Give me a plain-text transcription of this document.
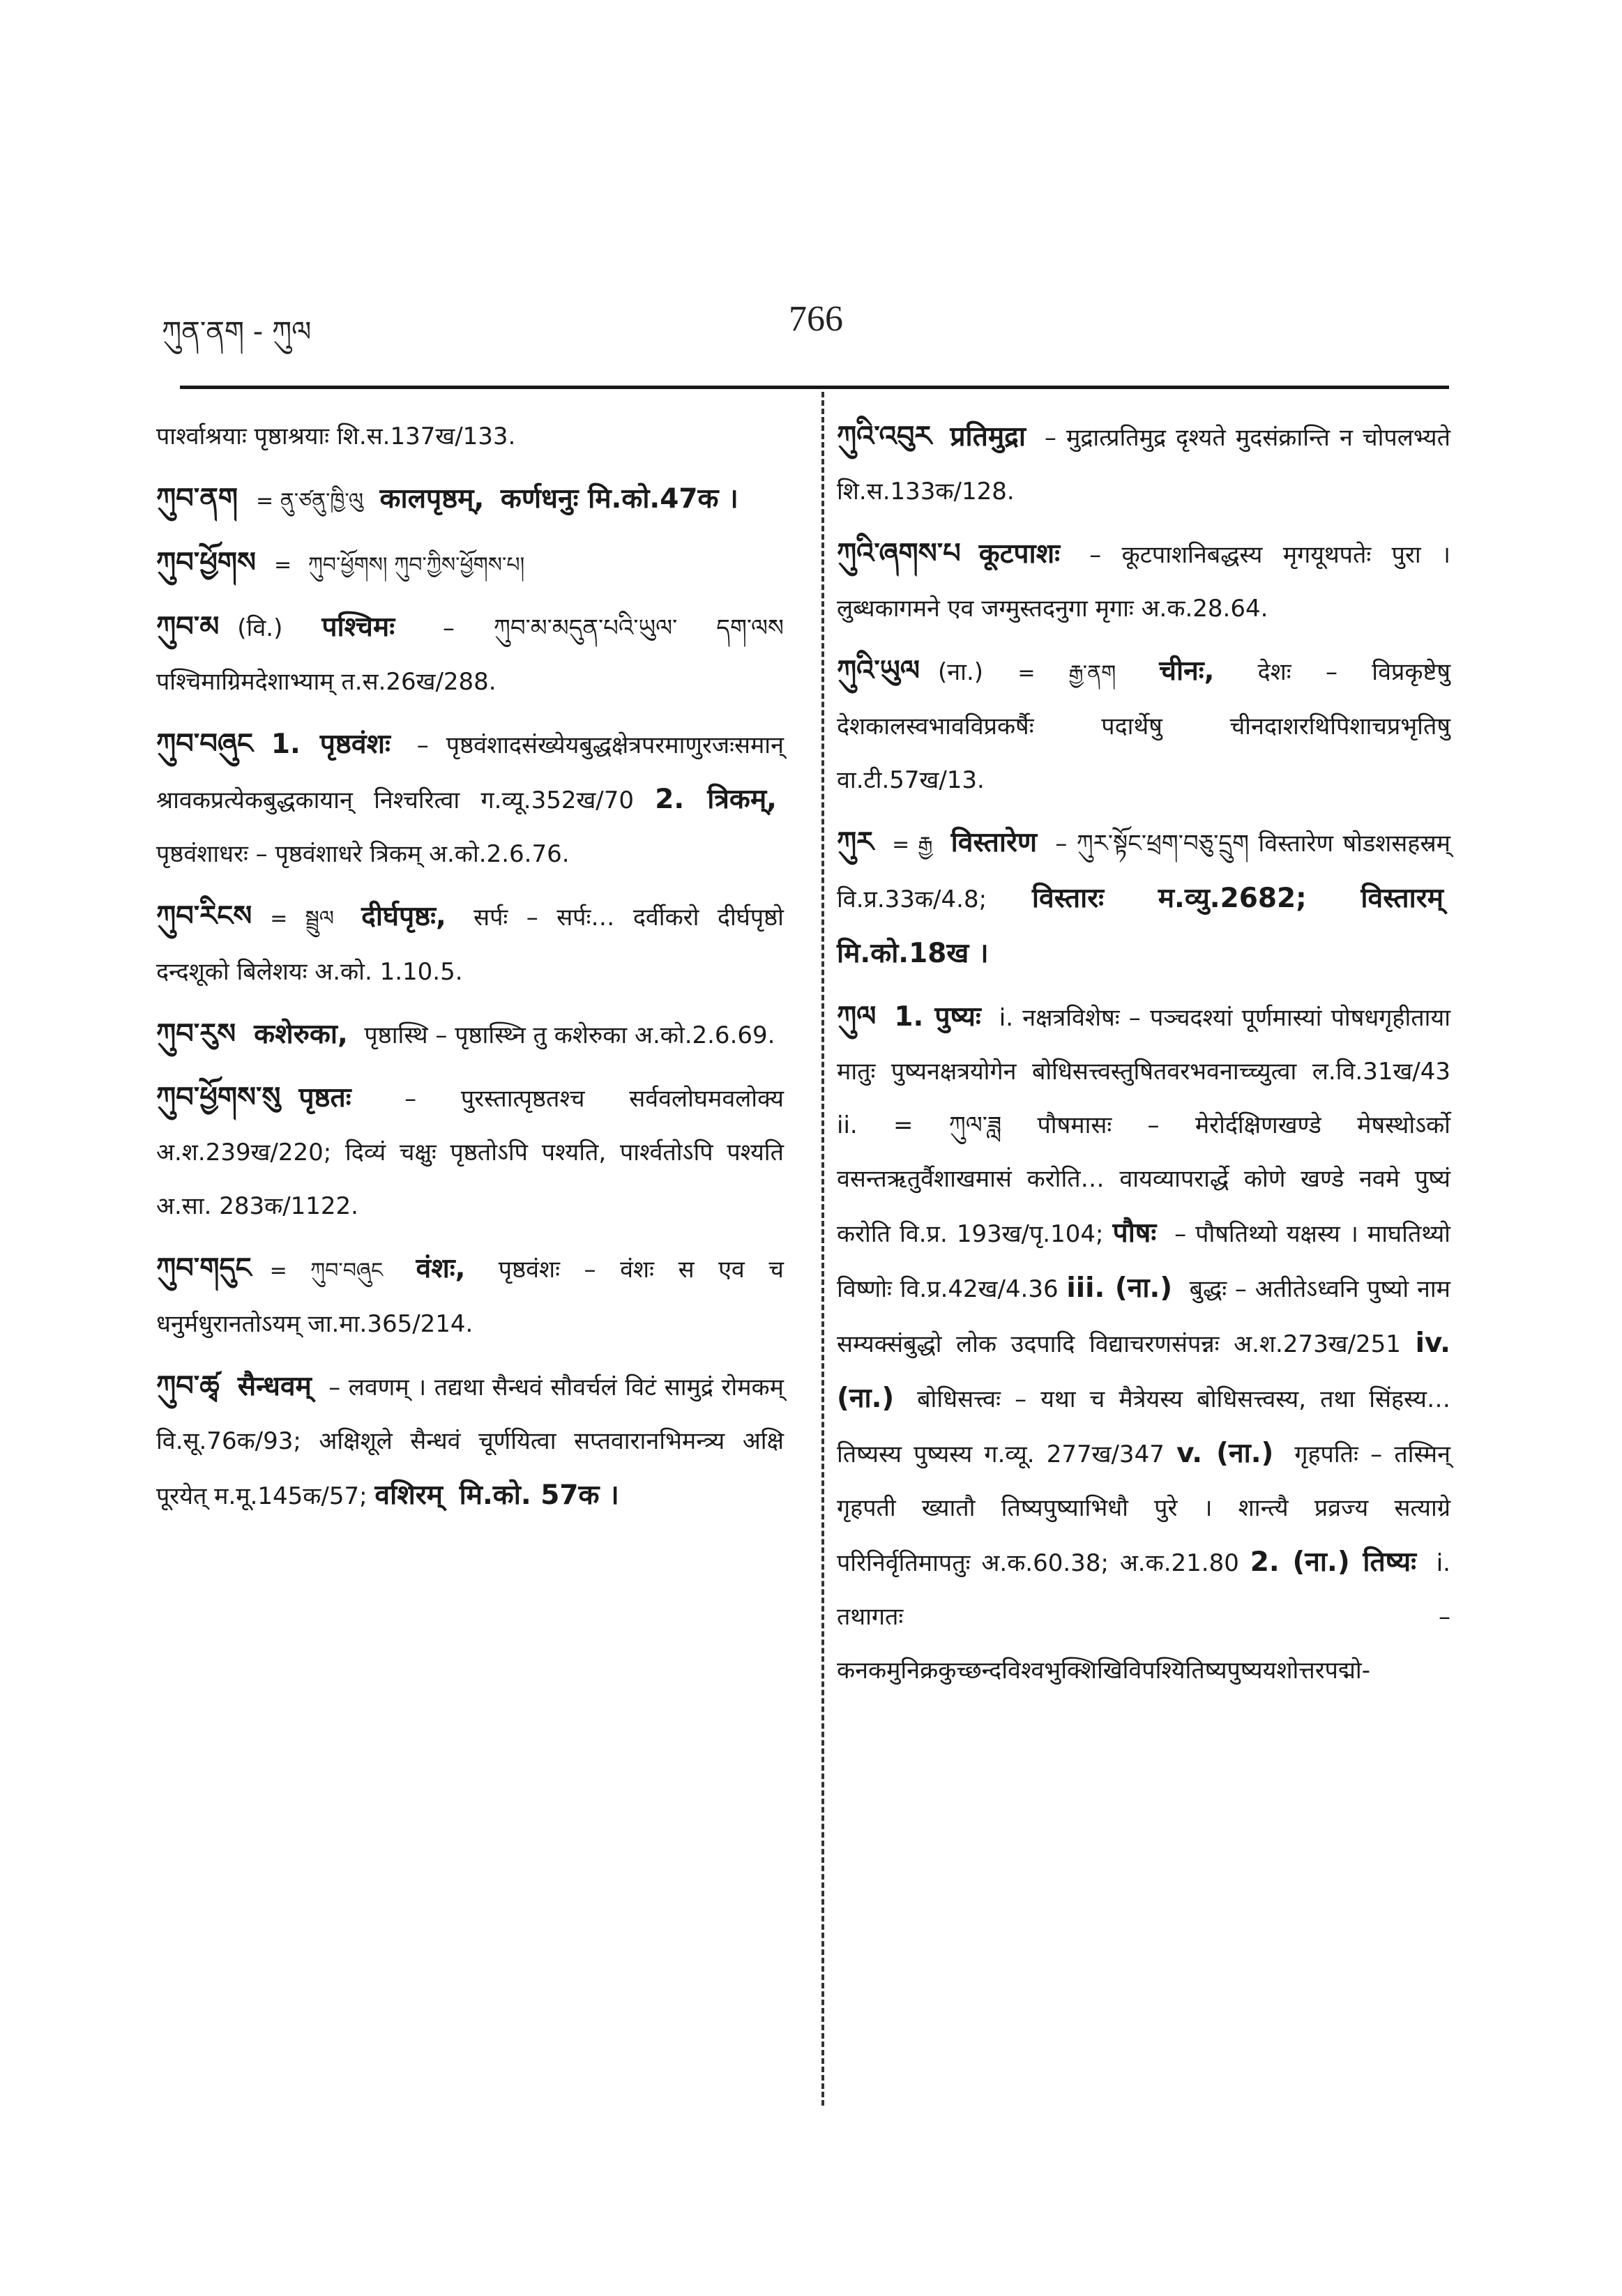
ཀུན་ནག - ཀུལ	766

पार्श्वाश्रयाः पृष्ठाश्रयाः शि.स.137ख/133.

ཀུབ་ནག = ནུ་ཙནུ་ཁྱི་ལུ कालपृष्ठम्, कर्णधनुः मि.को.47क ।

ཀུབ་ཕྱོགས = ཀུབ་ཕྱོགས། ཀུབ་ཀྱིས་ཕྱོགས་པ།

ཀུབ་མ (वि.) पश्चिमः – ཀུབ་མ་མདུན་པའི་ཡུལ་ དག་ལས पश्चिमाग्रिमदेशाभ्याम् त.स.26ख/288.

ཀུབ་བཞུང 1. पृष्ठवंशः – पृष्ठवंशादसंख्येयबुद्धक्षेत्रपरमाणुरजःसमान् श्रावकप्रत्येकबुद्धकायान् निश्चरित्वा ग.व्यू.352ख/70 2. त्रिकम्, पृष्ठवंशाधरः – पृष्ठवंशाधरे त्रिकम् अ.को.2.6.76.

ཀུབ་རིངས = སྦྲུལ दीर्घपृष्ठः, सर्पः – सर्पः… दर्वीकरो दीर्घपृष्ठो दन्दशूको बिलेशयः अ.को. 1.10.5.

ཀུབ་རུས कशेरुका, पृष्ठास्थि – पृष्ठास्थ्नि तु कशेरुका अ.को.2.6.69.

ཀུབ་ཕྱོགས་སུ पृष्ठतः – पुरस्तात्पृष्ठतश्च सर्ववलोघमवलोक्य अ.श.239ख/220; दिव्यं चक्षुः पृष्ठतोऽपि पश्यति, पार्श्वतोऽपि पश्यति अ.सा. 283क/1122.

ཀུབ་གདུང = ཀུབ་བཞུང वंशः, पृष्ठवंशः – वंशः स एव च धनुर्मधुरानतोऽयम् जा.मा.365/214.

ཀུབ་ཚྭ सैन्धवम् – लवणम् । तद्यथा सैन्धवं सौवर्चलं विटं सामुद्रं रोमकम् वि.सू.76क/93; अक्षिशूले सैन्धवं चूर्णयित्वा सप्तवारानभिमन्त्र्य अक्षि पूरयेत् म.मू.145क/57; वशिरम् मि.को. 57क ।

ཀུའི་འབུར प्रतिमुद्रा – मुद्रात्प्रतिमुद्र दृश्यते मुदसंक्रान्ति न चोपलभ्यते शि.स.133क/128.

ཀུའི་ཞགས་པ कूटपाशः – कूटपाशनिबद्धस्य मृगयूथपतेः पुरा । लुब्धकागमने एव जग्मुस्तदनुगा मृगाः अ.क.28.64.

ཀུའི་ཡུལ (ना.) = རྒྱ་ནག चीनः, देशः – विप्रकृष्टेषु देशकालस्वभावविप्रकर्षैः पदार्थेषु चीनदाशरथिपिशाचप्रभृतिषु वा.टी.57ख/13.

ཀུར = རྒྱ विस्तारेण – ཀུར་སྟོང་ཕྲག་བཅུ་དྲུག विस्तारेण षोडशसहस्रम् वि.प्र.33क/4.8; विस्तारः म.व्यु.2682; विस्तारम् मि.को.18ख ।

ཀུལ 1. पुष्यः i. नक्षत्रविशेषः – पञ्चदश्यां पूर्णमास्यां पोषधगृहीताया मातुः पुष्यनक्षत्रयोगेन बोधिसत्त्वस्तुषितवरभवनाच्च्युत्वा ल.वि.31ख/43 ii. = ཀུལ་ཟླ पौषमासः – मेरोर्दक्षिणखण्डे मेषस्थोऽर्को वसन्तऋतुर्वैशाखमासं करोति… वायव्यापरार्द्धे कोणे खण्डे नवमे पुष्यं करोति वि.प्र. 193ख/पृ.104; पौषः – पौषतिथ्यो यक्षस्य । माघतिथ्यो विष्णोः वि.प्र.42ख/4.36 iii. (ना.) बुद्धः – अतीतेऽध्वनि पुष्यो नाम सम्यक्संबुद्धो लोक उदपादि विद्याचरणसंपन्नः अ.श.273ख/251 iv. (ना.) बोधिसत्त्वः – यथा च मैत्रेयस्य बोधिसत्त्वस्य, तथा सिंहस्य… तिष्यस्य पुष्यस्य ग.व्यू. 277ख/347 v. (ना.) गृहपतिः – तस्मिन् गृहपती ख्यातौ तिष्यपुष्याभिधौ पुरे । शान्त्यै प्रव्रज्य सत्याग्रे परिनिर्वृतिमापतुः अ.क.60.38; अ.क.21.80 2. (ना.) तिष्यः i. तथागतः – कनकमुनिक्रकुच्छन्दविश्वभुक्शिखिविपश्यितिष्यपुष्ययशोत्तरपद्मो-
